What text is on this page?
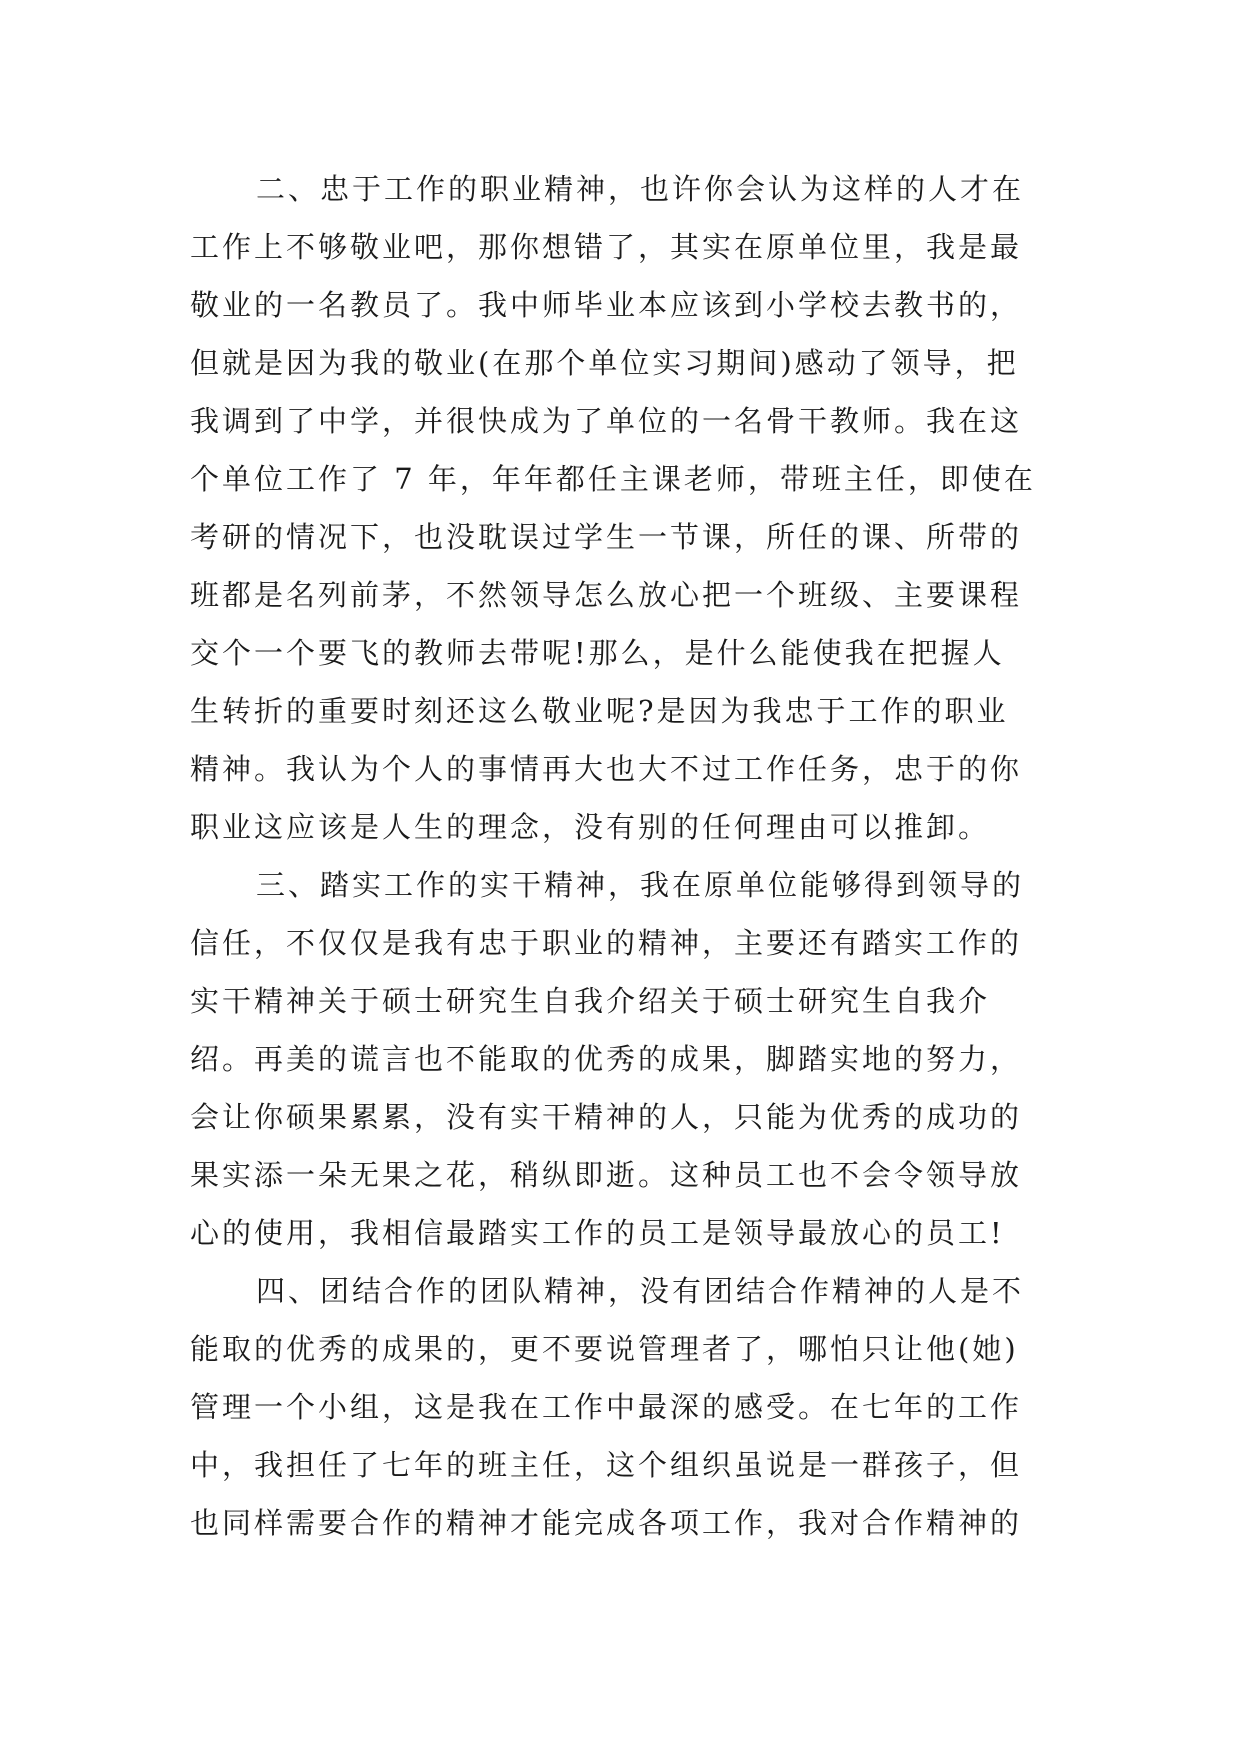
二、忠于工作的职业精神，也许你会认为这样的人才在
工作上不够敬业吧，那你想错了，其实在原单位里，我是最
敬业的一名教员了。我中师毕业本应该到小学校去教书的，
但就是因为我的敬业(在那个单位实习期间)感动了领导，把
我调到了中学，并很快成为了单位的一名骨干教师。我在这
个单位工作了 7 年，年年都任主课老师，带班主任，即使在
考研的情况下，也没耽误过学生一节课，所任的课、所带的
班都是名列前茅，不然领导怎么放心把一个班级、主要课程
交个一个要飞的教师去带呢!那么，是什么能使我在把握人
生转折的重要时刻还这么敬业呢?是因为我忠于工作的职业
精神。我认为个人的事情再大也大不过工作任务，忠于的你
职业这应该是人生的理念，没有别的任何理由可以推卸。
三、踏实工作的实干精神，我在原单位能够得到领导的
信任，不仅仅是我有忠于职业的精神，主要还有踏实工作的
实干精神关于硕士研究生自我介绍关于硕士研究生自我介
绍。再美的谎言也不能取的优秀的成果，脚踏实地的努力，
会让你硕果累累，没有实干精神的人，只能为优秀的成功的
果实添一朵无果之花，稍纵即逝。这种员工也不会令领导放
心的使用，我相信最踏实工作的员工是领导最放心的员工!
四、团结合作的团队精神，没有团结合作精神的人是不
能取的优秀的成果的，更不要说管理者了，哪怕只让他(她)
管理一个小组，这是我在工作中最深的感受。在七年的工作
中，我担任了七年的班主任，这个组织虽说是一群孩子，但
也同样需要合作的精神才能完成各项工作，我对合作精神的
